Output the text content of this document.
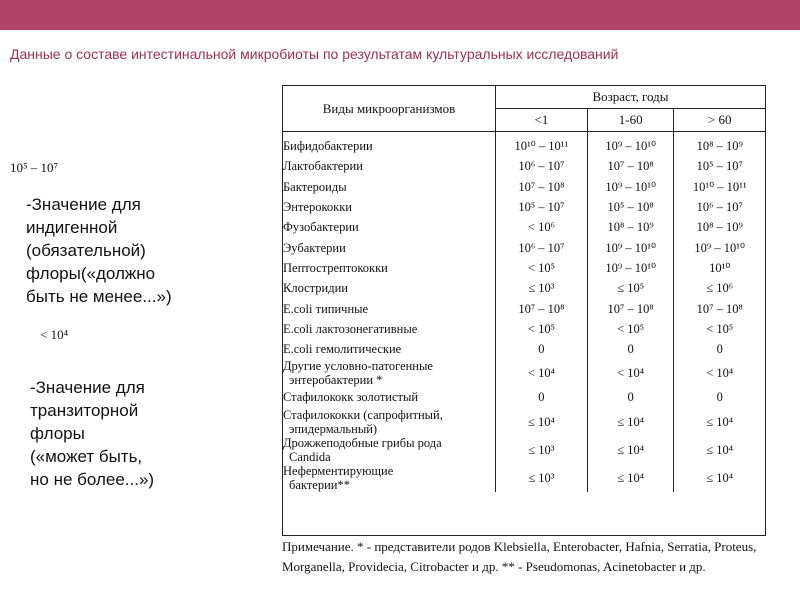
Данные о составе интестинальной микробиоты по результатам культуральных исследований
10⁵ – 10⁷
-Значение для
индигенной
(обязательной)
флоры(«должно
быть не менее...»)
< 10⁴
-Значение для
транзиторной
флоры
(«может быть,
но не более...»)
Виды микроорганизмов	Возраст, годы		
	<1	1-60	> 60

Бифидобактерии	10¹⁰ – 10¹¹	10⁹ – 10¹⁰	10⁸ – 10⁹

Лактобактерии	10⁶ – 10⁷	10⁷ – 10⁸	10⁵ – 10⁷

Бактероиды	10⁷ – 10⁸	10⁹ – 10¹⁰	10¹⁰ – 10¹¹

Энтерококки	10⁵ – 10⁷	10⁵ – 10⁸	10⁶ – 10⁷

Фузобактерии	< 10⁶	10⁸ – 10⁹	10⁸ – 10⁹

Эубактерии	10⁶ – 10⁷	10⁹ – 10¹⁰	10⁹ – 10¹⁰

Пептострептококки	< 10⁵	10⁹ – 10¹⁰	10¹⁰

Клостридии	≤ 10³	≤ 10⁵	≤ 10⁶

E.coli типичные	10⁷ – 10⁸	10⁷ – 10⁸	10⁷ – 10⁸

E.coli лактозонегативные	< 10⁵	< 10⁵	< 10⁵

E.coli гемолитические	0	0	0

Другие условно-патогенные
энтеробактерии *	< 10⁴	< 10⁴	< 10⁴

Стафилококк золотистый	0	0	0

Стафилококки (сапрофитный,
эпидермальный)	≤ 10⁴	≤ 10⁴	≤ 10⁴

Дрожжеподобные грибы рода
Candida	≤ 10³	≤ 10⁴	≤ 10⁴

Неферментирующие
бактерии**	≤ 10³	≤ 10⁴	≤ 10⁴
Примечание. * - представители родов Klebsiella, Enterobacter, Hafnia, Serratia, Proteus, Morganella, Providecia, Citrobacter и др. ** - Pseudomonas, Acinetobacter и др.
